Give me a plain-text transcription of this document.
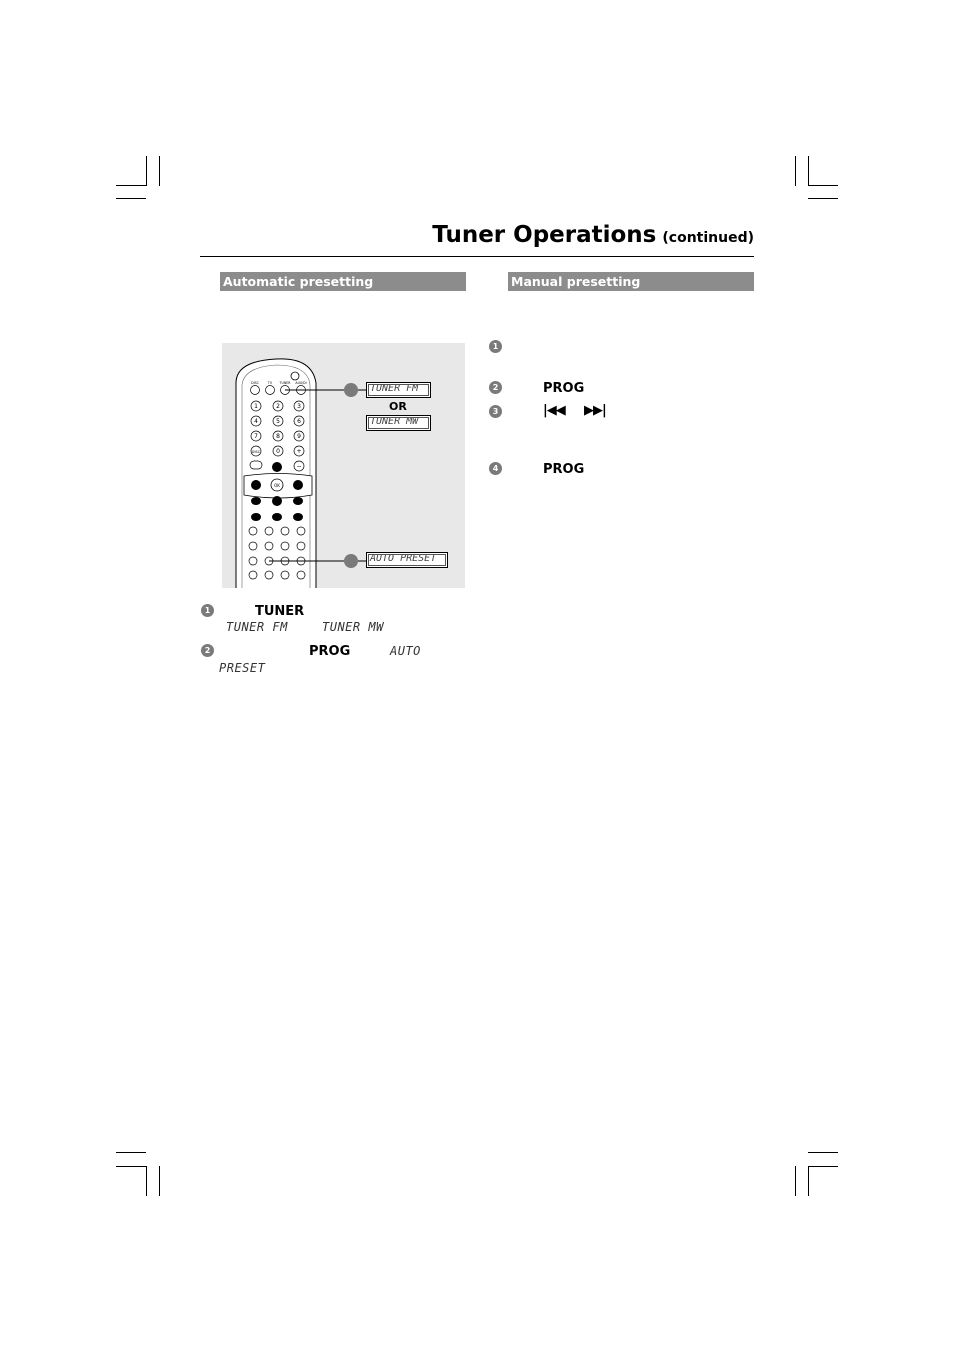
Tuner Operations (continued)
Automatic presetting	Manual presetting
DISC	TV	TUNER AUX/DI
1	2	3
4	5	6
7	8	9
DISC	0	+
−
OK
TUNER FM
OR
TUNER MW
AUTO PRESET
1	TUNER
TUNER FM	TUNER MW
2	PROG	AUTO
PRESET
1
2	PROG
3	|◀◀ ▶▶|
4	PROG
